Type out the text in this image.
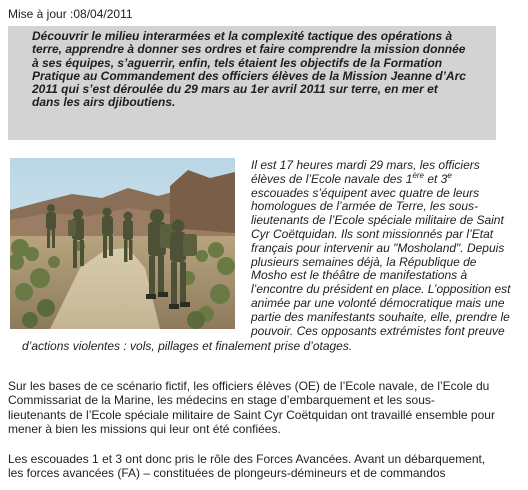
Mise à jour :08/04/2011

Découvrir le milieu interarmées et la complexité tactique des opérations à
terre, apprendre à donner ses ordres et faire comprendre la mission donnée
à ses équipes, s’aguerrir, enfin, tels étaient les objectifs de la Formation
Pratique au Commandement des officiers élèves de la Mission Jeanne d’Arc
2011 qui s’est déroulée du 29 mars au 1er avril 2011 sur terre, en mer et
dans les airs djiboutiens.

Il est 17 heures mardi 29 mars, les officiers
élèves de l’Ecole navale des 1ère et 3e
escouades s’équipent avec quatre de leurs
homologues de l’armée de Terre, les sous-
lieutenants de l’Ecole spéciale militaire de Saint
Cyr Coëtquidan. Ils sont missionnés par l’Etat
français pour intervenir au "Mosholand". Depuis
plusieurs semaines déjà, la République de
Mosho est le théâtre de manifestations à
l’encontre du président en place. L’opposition est
animée par une volonté démocratique mais une
partie des manifestants souhaite, elle, prendre le
pouvoir. Ces opposants extrémistes font preuve
d’actions violentes : vols, pillages et finalement prise d’otages.

Sur les bases de ce scénario fictif, les officiers élèves (OE) de l’Ecole navale, de l’Ecole du
Commissariat de la Marine, les médecins en stage d’embarquement et les sous-
lieutenants de l’Ecole spéciale militaire de Saint Cyr Coëtquidan ont travaillé ensemble pour
mener à bien les missions qui leur ont été confiées.

Les escouades 1 et 3 ont donc pris le rôle des Forces Avancées. Avant un débarquement,
les forces avancées (FA) – constituées de plongeurs-démineurs et de commandos
